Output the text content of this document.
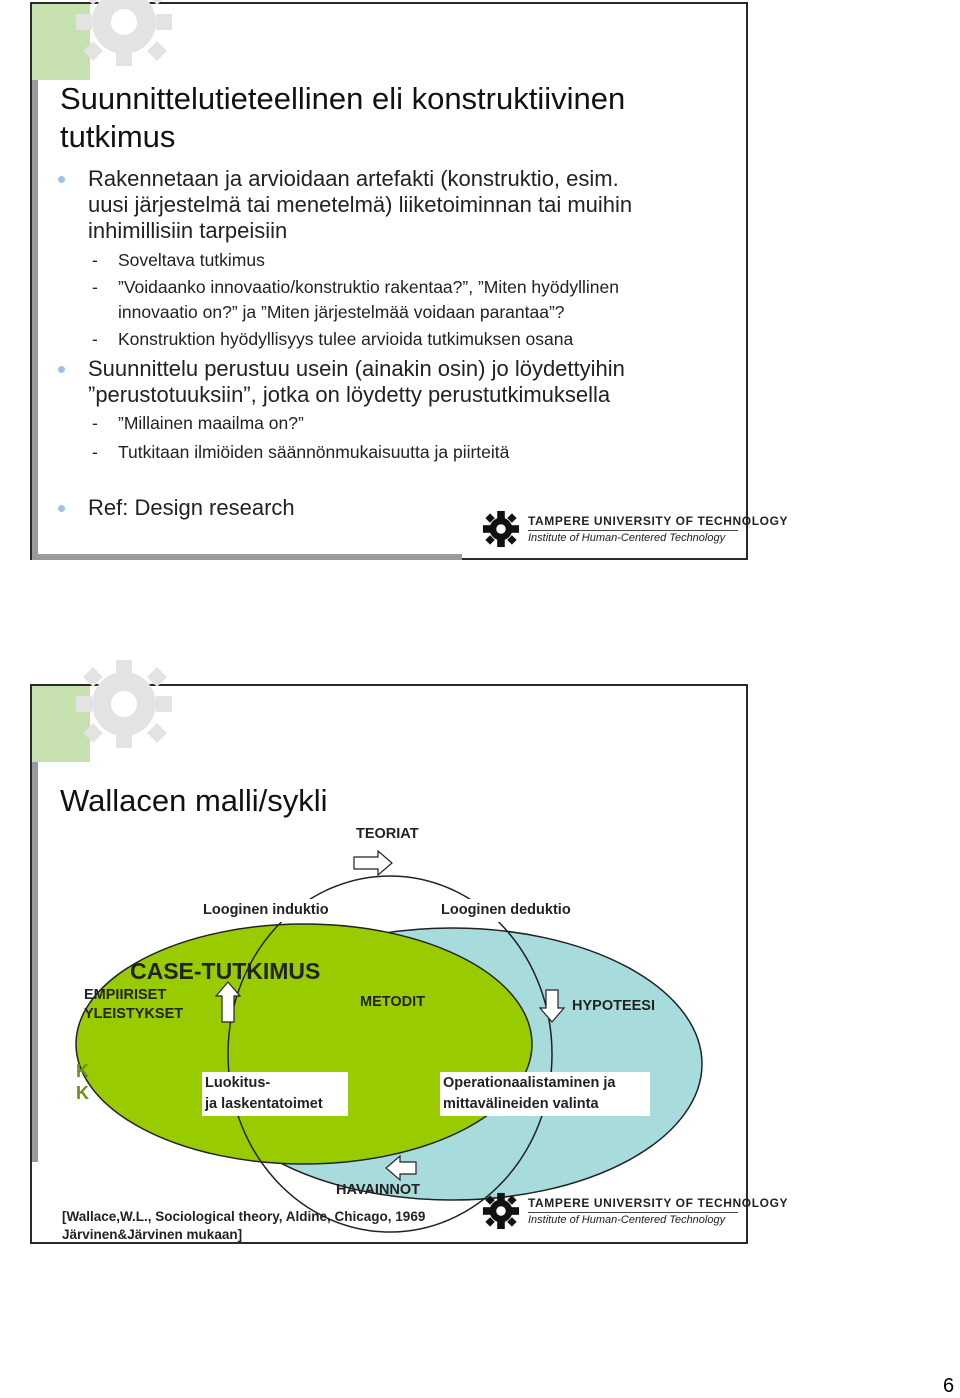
Suunnittelutieteellinen eli konstruktiivinen
tutkimus
Rakennetaan ja arvioidaan artefakti (konstruktio, esim.
uusi järjestelmä tai menetelmä) liiketoiminnan tai muihin
inhimillisiin tarpeisiin
- Soveltava tutkimus
- ”Voidaanko innovaatio/konstruktio rakentaa?”, ”Miten hyödyllinen
innovaatio on?” ja ”Miten järjestelmää voidaan parantaa”?
- Konstruktion hyödyllisyys tulee arvioida tutkimuksen osana
Suunnittelu perustuu usein (ainakin osin) jo löydettyihin
”perustotuuksiin”, jotka on löydetty perustutkimuksella
- ”Millainen maailma on?”
- Tutkitaan ilmiöiden säännönmukaisuutta ja piirteitä
Ref: Design research
TAMPERE UNIVERSITY OF TECHNOLOGY
Institute of Human-Centered Technology
Wallacen malli/sykli
TEORIAT
Looginen induktio	Looginen deduktio
CASE-TUTKIMUS
EMPIIRISET
YLEISTYKSET
METODIT	HYPOTEESI
K
K	Luokitus-
ja laskentatoimet
Operationaalistaminen ja
mittavälineiden valinta
HAVAINNOT
[Wallace,W.L., Sociological theory, Aldine, Chicago, 1969
Järvinen&Järvinen mukaan]
TAMPERE UNIVERSITY OF TECHNOLOGY
Institute of Human-Centered Technology
6
